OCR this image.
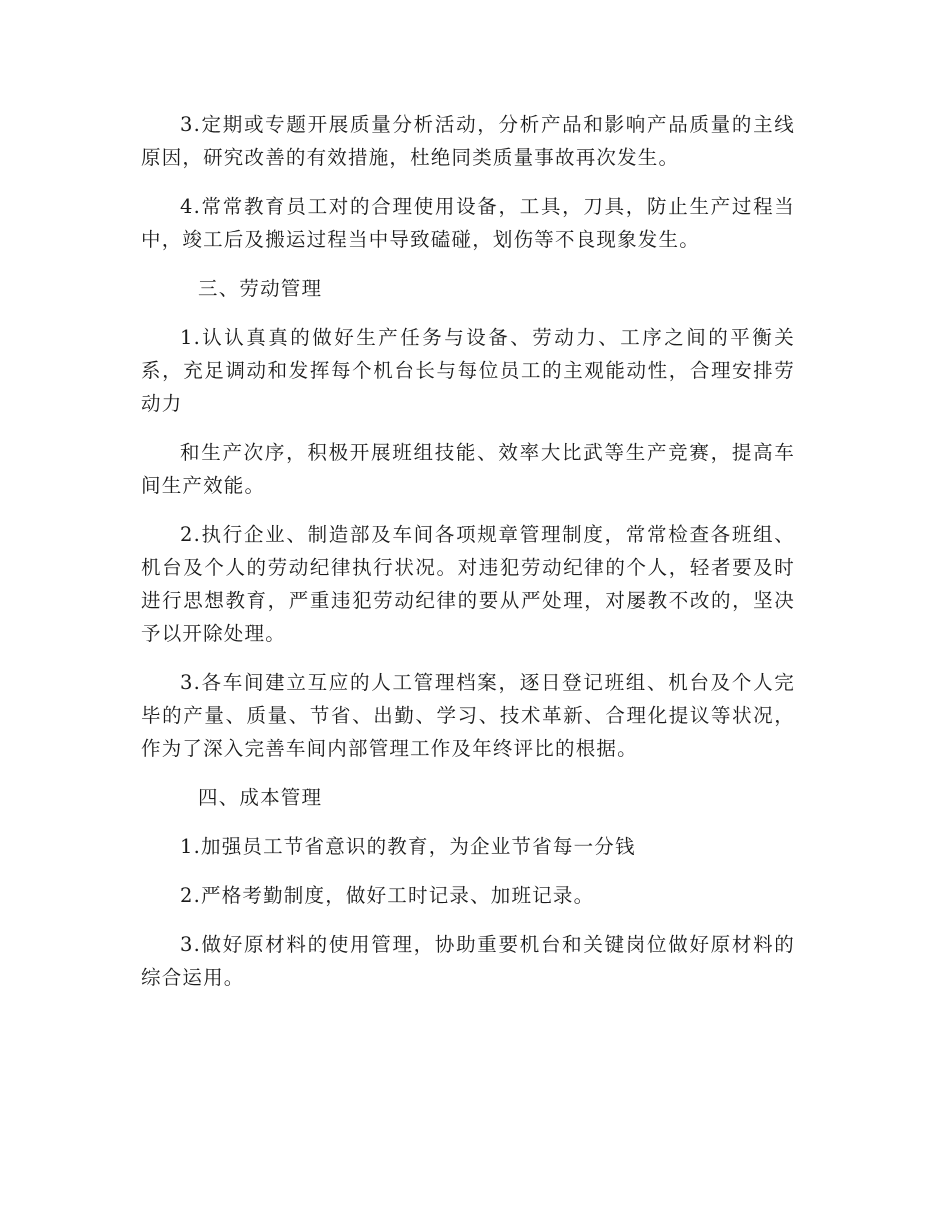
3.定期或专题开展质量分析活动，分析产品和影响产品质量的主线原因，研究改善的有效措施，杜绝同类质量事故再次发生。

4.常常教育员工对的合理使用设备，工具，刀具，防止生产过程当中，竣工后及搬运过程当中导致磕碰，划伤等不良现象发生。

三、劳动管理

1.认认真真的做好生产任务与设备、劳动力、工序之间的平衡关系，充足调动和发挥每个机台长与每位员工的主观能动性，合理安排劳动力

和生产次序，积极开展班组技能、效率大比武等生产竞赛，提高车间生产效能。

2.执行企业、制造部及车间各项规章管理制度，常常检查各班组、机台及个人的劳动纪律执行状况。对违犯劳动纪律的个人，轻者要及时进行思想教育，严重违犯劳动纪律的要从严处理，对屡教不改的，坚决予以开除处理。

3.各车间建立互应的人工管理档案，逐日登记班组、机台及个人完毕的产量、质量、节省、出勤、学习、技术革新、合理化提议等状况，作为了深入完善车间内部管理工作及年终评比的根据。

四、成本管理

1.加强员工节省意识的教育，为企业节省每一分钱

2.严格考勤制度，做好工时记录、加班记录。

3.做好原材料的使用管理，协助重要机台和关键岗位做好原材料的综合运用。
